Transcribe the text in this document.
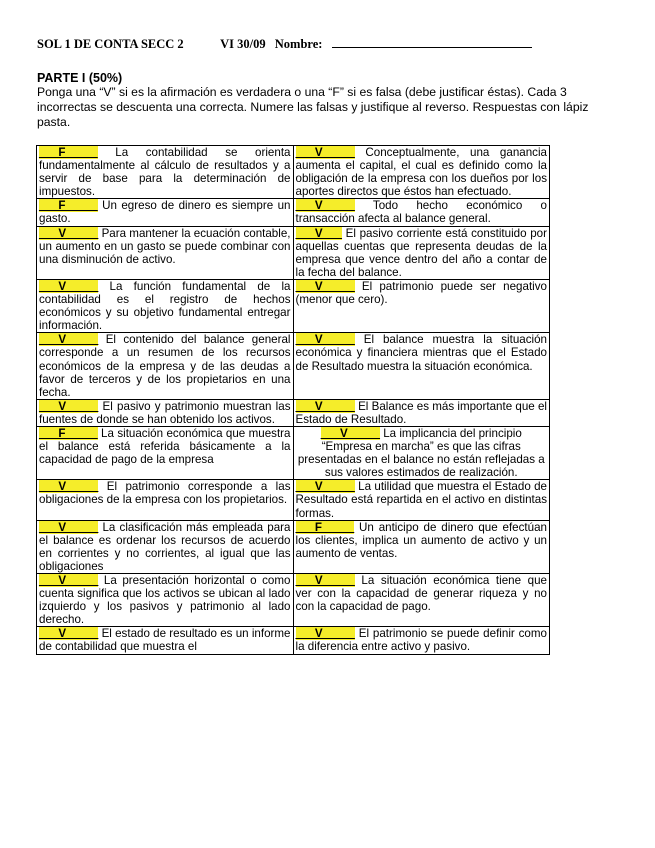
SOL 1 DE CONTA SECC 2	VI 30/09 Nombre:
PARTE I (50%)
Ponga una “V” si es la afirmación es verdadera o una “F” si es falsa (debe justificar éstas). Cada 3 incorrectas se descuenta una correcta. Numere las falsas y justifique al reverso. Respuestas con lápiz pasta.
___F_____ La contabilidad se orienta fundamentalmente al cálculo de resultados y a servir de base para la determinación de impuestos.	___V_____ Conceptualmente, una ganancia aumenta el capital, el cual es definido como la obligación de la empresa con los dueños por los aportes directos que éstos han efectuado.
___F_____ Un egreso de dinero es siempre un gasto.	___V_____ Todo hecho económico o transacción afecta al balance general.
___V_____ Para mantener la ecuación contable, un aumento en un gasto se puede combinar con una disminución de activo.	___V___ El pasivo corriente está constituido por aquellas cuentas que representa deudas de la empresa que vence dentro del año a contar de la fecha del balance.
___V_____ La función fundamental de la contabilidad es el registro de hechos económicos y su objetivo fundamental entregar información.	___V_____ El patrimonio puede ser negativo (menor que cero).
___V_____ El contenido del balance general corresponde a un resumen de los recursos económicos de la empresa y de las deudas a favor de terceros y de los propietarios en una fecha.	___V_____ El balance muestra la situación económica y financiera mientras que el Estado de Resultado muestra la situación económica.
___V_____ El pasivo y patrimonio muestran las fuentes de donde se han obtenido los activos.	___V_____ El Balance es más importante que el Estado de Resultado.
___F_____ La situación económica que muestra el balance está referida básicamente a la capacidad de pago de la empresa	___V_____ La implicancia del principio “Empresa en marcha” es que las cifras presentadas en el balance no están reflejadas a sus valores estimados de realización.
___V_____ El patrimonio corresponde a las obligaciones de la empresa con los propietarios.	___V_____ La utilidad que muestra el Estado de Resultado está repartida en el activo en distintas formas.
___V_____ La clasificación más empleada para el balance es ordenar los recursos de acuerdo en corrientes y no corrientes, al igual que las obligaciones	___F_____ Un anticipo de dinero que efectúan los clientes, implica un aumento de activo y un aumento de ventas.
___V_____ La presentación horizontal o como cuenta significa que los activos se ubican al lado izquierdo y los pasivos y patrimonio al lado derecho.	___V_____ La situación económica tiene que ver con la capacidad de generar riqueza y no con la capacidad de pago.
___V_____ El estado de resultado es un informe de contabilidad que muestra el	___V_____ El patrimonio se puede definir como la diferencia entre activo y pasivo.
